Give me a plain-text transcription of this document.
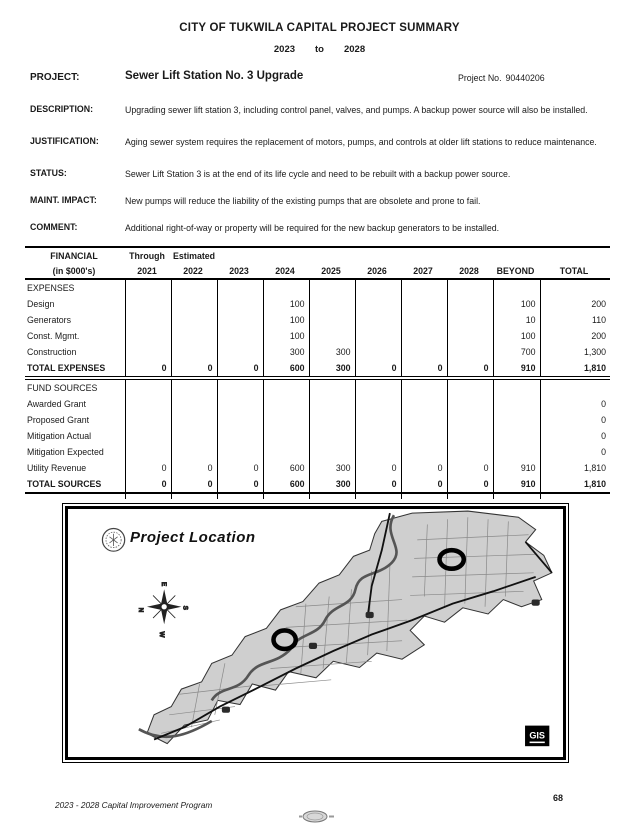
CITY OF TUKWILA CAPITAL PROJECT SUMMARY
2023 to 2028
PROJECT:	Sewer Lift Station No. 3 Upgrade	Project No. 90440206
DESCRIPTION:	Upgrading sewer lift station 3, including control panel, valves, and pumps. A backup power source will also be installed.
JUSTIFICATION:	Aging sewer system requires the replacement of motors, pumps, and controls at older lift stations to reduce maintenance.
STATUS:	Sewer Lift Station 3 is at the end of its life cycle and need to be rebuilt with a backup power source.
MAINT. IMPACT:	New pumps will reduce the liability of the existing pumps that are obsolete and prone to fail.
COMMENT:	Additional right-of-way or property will be required for the new backup generators to be installed.
FINANCIAL	Through	Estimated								
(in $000's)	2021	2022	2023	2024	2025	2026	2027	2028	BEYOND	TOTAL
EXPENSES										
Design				100					100	200
Generators				100					10	110
Const. Mgmt.				100					100	200
Construction				300	300				700	1,300
TOTAL EXPENSES	0	0	0	600	300	0	0	0	910	1,810

FUND SOURCES										
Awarded Grant										0
Proposed Grant										0
Mitigation Actual										0
Mitigation Expected										0
Utility Revenue	0	0	0	600	300	0	0	0	910	1,810
TOTAL SOURCES	0	0	0	600	300	0	0	0	910	1,810

N
E
S
W
GIS
Project Location
2023 - 2028 Capital Improvement Program
68
